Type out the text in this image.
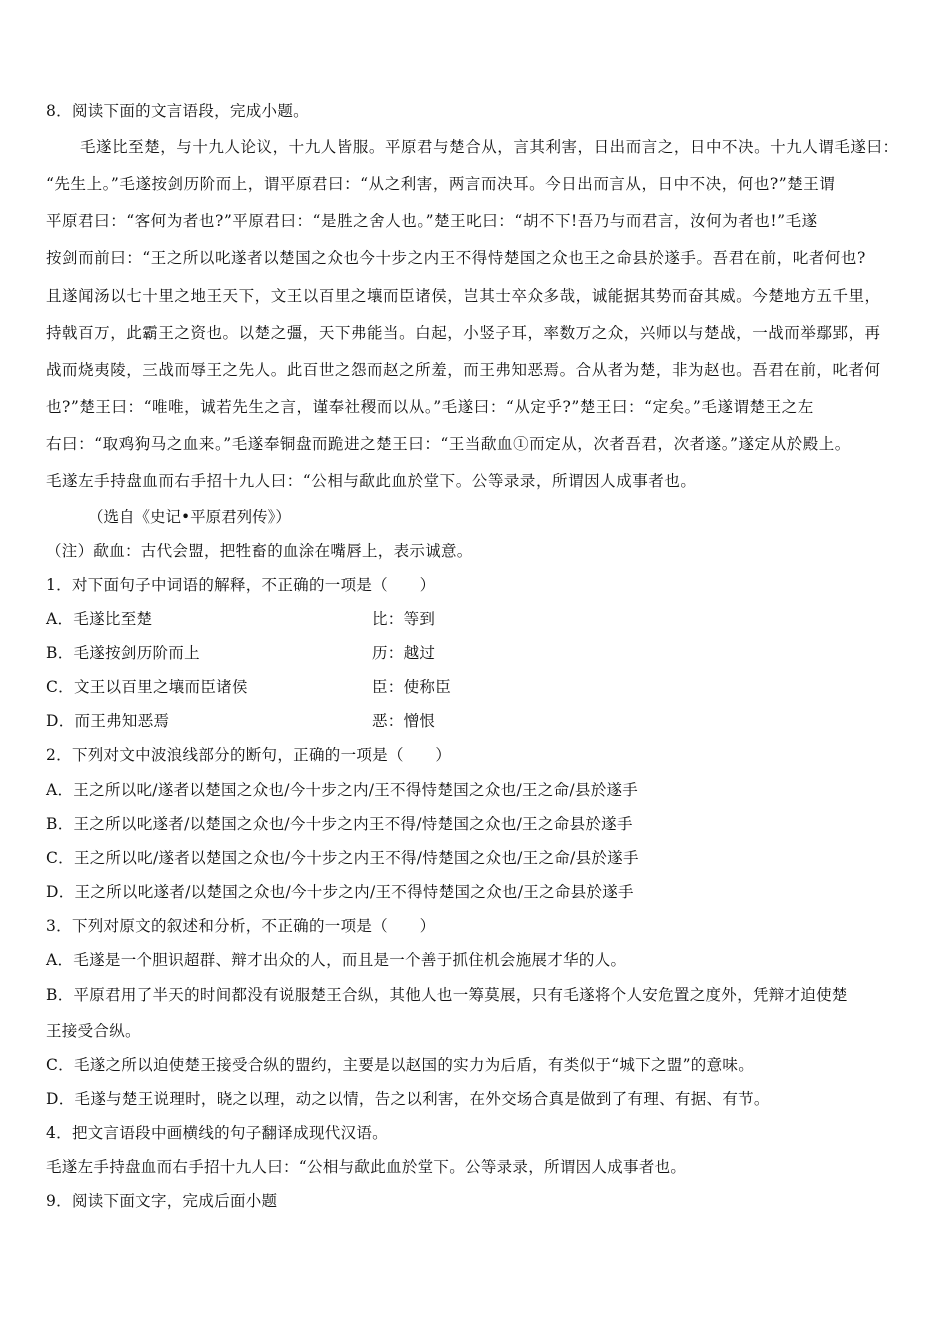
8．阅读下面的文言语段，完成小题。
毛遂比至楚，与十九人论议，十九人皆服。平原君与楚合从，言其利害，日出而言之，日中不决。十九人谓毛遂曰：
“先生上。”毛遂按剑历阶而上，谓平原君曰：“从之利害，两言而决耳。今日出而言从，日中不决，何也?”楚王谓
平原君曰：“客何为者也?”平原君曰：“是胜之舍人也。”楚王叱曰：“胡不下!吾乃与而君言，汝何为者也!”毛遂
按剑而前曰：“王之所以叱遂者以楚国之众也今十步之内王不得恃楚国之众也王之命县於遂手。吾君在前，叱者何也?
且遂闻汤以七十里之地王天下，文王以百里之壤而臣诸侯，岂其士卒众多哉，诚能据其势而奋其威。今楚地方五千里，
持戟百万，此霸王之资也。以楚之彊，天下弗能当。白起，小竖子耳，率数万之众，兴师以与楚战，一战而举鄢郢，再
战而烧夷陵，三战而辱王之先人。此百世之怨而赵之所羞，而王弗知恶焉。合从者为楚，非为赵也。吾君在前，叱者何
也?”楚王曰：“唯唯，诚若先生之言，谨奉社稷而以从。”毛遂曰：“从定乎?”楚王曰：“定矣。”毛遂谓楚王之左
右曰：“取鸡狗马之血来。”毛遂奉铜盘而跪进之楚王曰：“王当歃血①而定从，次者吾君，次者遂。”遂定从於殿上。
毛遂左手持盘血而右手招十九人曰：“公相与歃此血於堂下。公等录录，所谓因人成事者也。
（选自《史记•平原君列传》）
（注）歃血：古代会盟，把牲畜的血涂在嘴唇上，表示诚意。
1．对下面句子中词语的解释，不正确的一项是（　　）
A．毛遂比至楚	比：等到
B．毛遂按剑历阶而上	历：越过
C．文王以百里之壤而臣诸侯	臣：使称臣
D．而王弗知恶焉	恶：憎恨
2．下列对文中波浪线部分的断句，正确的一项是（　　）
A．王之所以叱/遂者以楚国之众也/今十步之内/王不得恃楚国之众也/王之命/县於遂手
B．王之所以叱遂者/以楚国之众也/今十步之内王不得/恃楚国之众也/王之命县於遂手
C．王之所以叱/遂者以楚国之众也/今十步之内王不得/恃楚国之众也/王之命/县於遂手
D．王之所以叱遂者/以楚国之众也/今十步之内/王不得恃楚国之众也/王之命县於遂手
3．下列对原文的叙述和分析，不正确的一项是（　　）
A．毛遂是一个胆识超群、辩才出众的人，而且是一个善于抓住机会施展才华的人。
B．平原君用了半天的时间都没有说服楚王合纵，其他人也一筹莫展，只有毛遂将个人安危置之度外，凭辩才迫使楚
王接受合纵。
C．毛遂之所以迫使楚王接受合纵的盟约，主要是以赵国的实力为后盾，有类似于“城下之盟”的意味。
D．毛遂与楚王说理时，晓之以理，动之以情，告之以利害，在外交场合真是做到了有理、有据、有节。
4．把文言语段中画横线的句子翻译成现代汉语。
毛遂左手持盘血而右手招十九人曰：“公相与歃此血於堂下。公等录录，所谓因人成事者也。
9．阅读下面文字，完成后面小题
